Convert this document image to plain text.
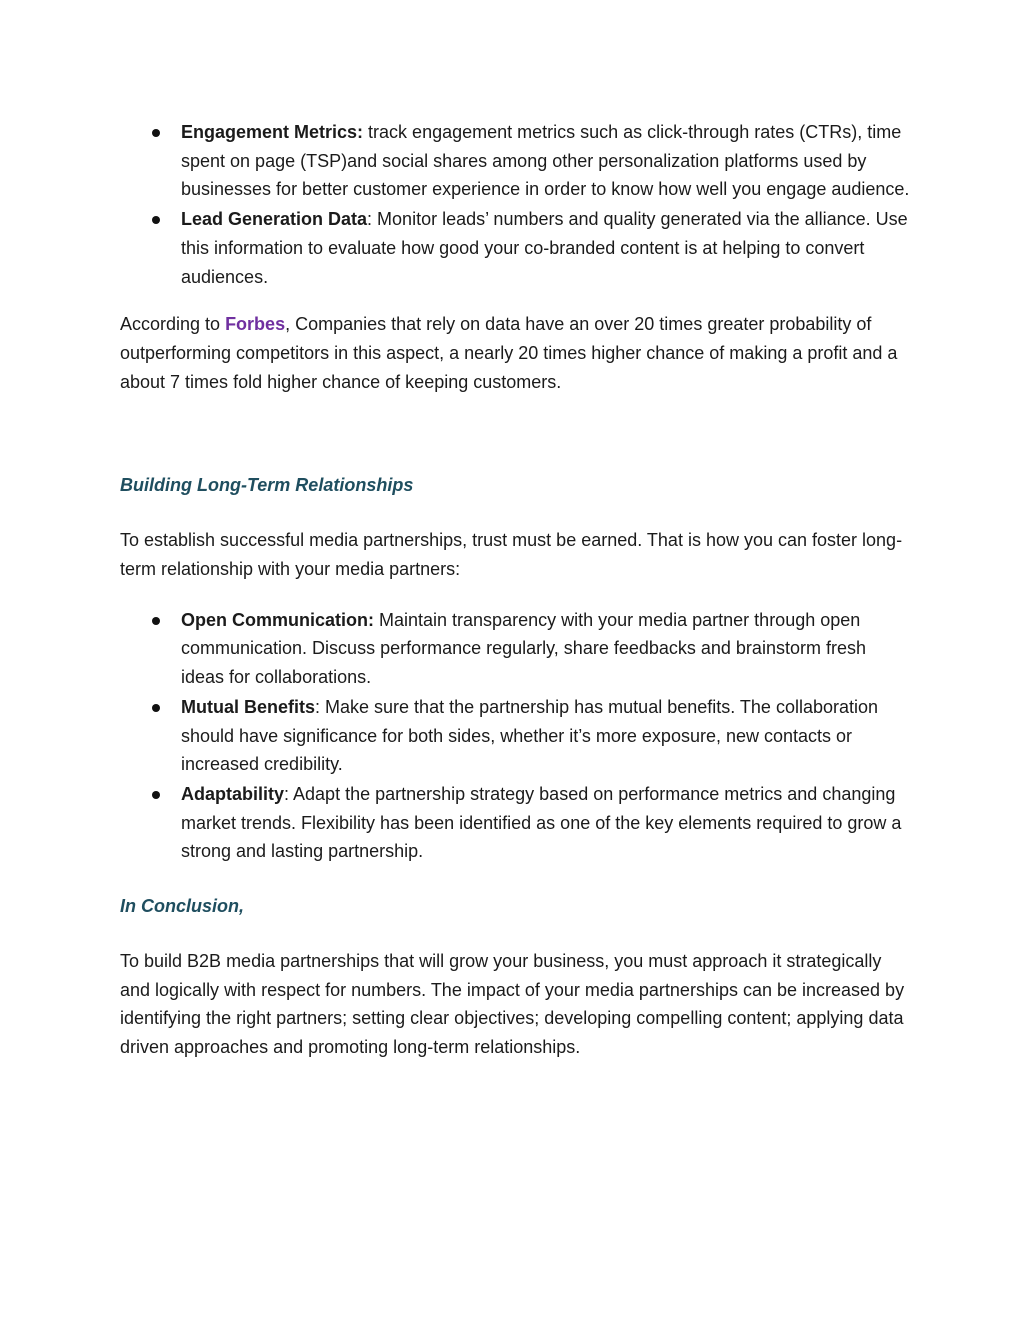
Engagement Metrics: track engagement metrics such as click-through rates (CTRs), time spent on page (TSP)and social shares among other personalization platforms used by businesses for better customer experience in order to know how well you engage audience.
Lead Generation Data: Monitor leads’ numbers and quality generated via the alliance. Use this information to evaluate how good your co-branded content is at helping to convert audiences.

According to Forbes, Companies that rely on data have an over 20 times greater probability of outperforming competitors in this aspect, a nearly 20 times higher chance of making a profit and a about 7 times fold higher chance of keeping customers.

Building Long-Term Relationships

To establish successful media partnerships, trust must be earned. That is how you can foster long-term relationship with your media partners:

Open Communication: Maintain transparency with your media partner through open communication. Discuss performance regularly, share feedbacks and brainstorm fresh ideas for collaborations.
Mutual Benefits: Make sure that the partnership has mutual benefits. The collaboration should have significance for both sides, whether it’s more exposure, new contacts or increased credibility.
Adaptability: Adapt the partnership strategy based on performance metrics and changing market trends. Flexibility has been identified as one of the key elements required to grow a strong and lasting partnership.
In Conclusion,

To build B2B media partnerships that will grow your business, you must approach it strategically and logically with respect for numbers. The impact of your media partnerships can be increased by identifying the right partners; setting clear objectives; developing compelling content; applying data driven approaches and promoting long-term relationships.
